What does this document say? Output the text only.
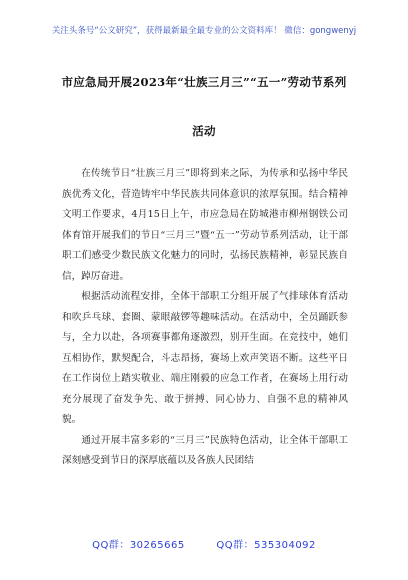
关注头条号“公文研究”，获得最新最全最专业的公文资料库！ 微信：gongwenyj
市应急局开展2023年“壮族三月三”“五一”劳动节系列
活动

在传统节日“壮族三月三”即将到来之际，为传承和弘扬中华民族优秀文化，营造铸牢中华民族共同体意识的浓厚氛围。结合精神文明工作要求，4月15日上午，市应急局在防城港市柳州钢铁公司体育馆开展我们的节日“三月三”暨“五一”劳动节系列活动，让干部职工们感受少数民族文化魅力的同时，弘扬民族精神，彰显民族自信，踔厉奋进。

根据活动流程安排，全体干部职工分组开展了气排球体育活动和吹乒乓球、套圈、蒙眼敲锣等趣味活动。在活动中，全员踊跃参与，全力以赴，各项赛事都角逐激烈，别开生面。在竞技中，她们互相协作，默契配合，斗志昂扬，赛场上欢声笑语不断。这些平日在工作岗位上踏实敬业、端庄刚毅的应急工作者，在赛场上用行动充分展现了奋发争先、敢于拼搏、同心协力、自强不息的精神风貌。

通过开展丰富多彩的“三月三”民族特色活动，让全体干部职工深刻感受到节日的深厚底蕴以及各族人民团结

QQ群：30265665	QQ群：535304092
